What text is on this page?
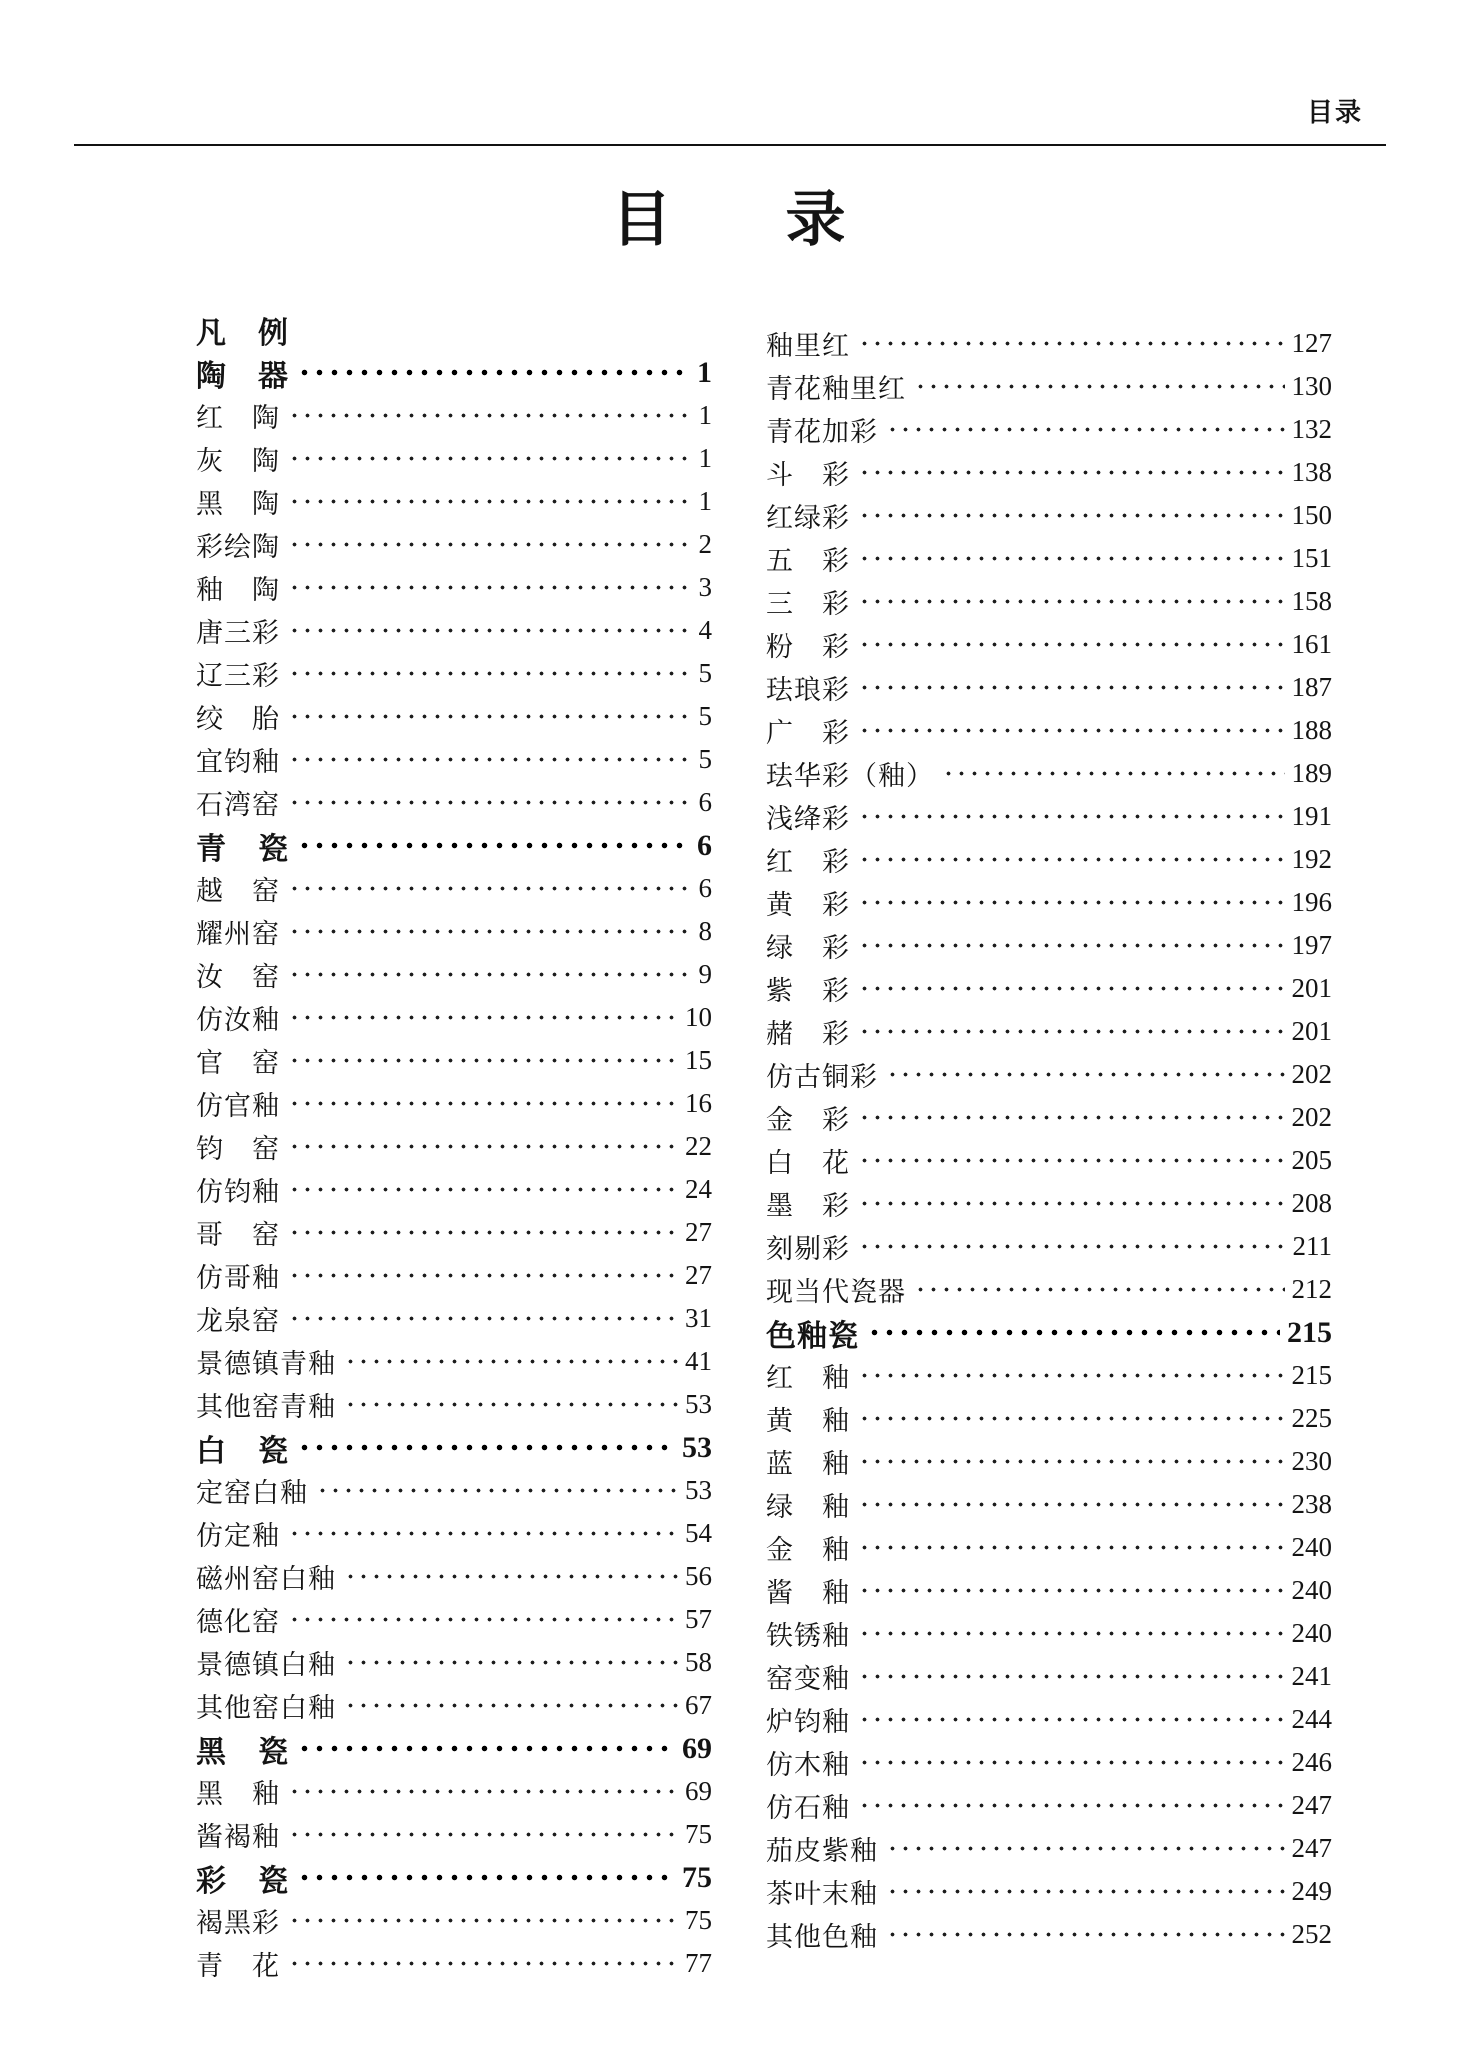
目录
目　录
凡　例
陶　器	1
红　陶	1
灰　陶	1
黑　陶	1
彩绘陶	2
釉　陶	3
唐三彩	4
辽三彩	5
绞　胎	5
宜钧釉	5
石湾窑	6
青　瓷	6
越　窑	6
耀州窑	8
汝　窑	9
仿汝釉	10
官　窑	15
仿官釉	16
钧　窑	22
仿钧釉	24
哥　窑	27
仿哥釉	27
龙泉窑	31
景德镇青釉	41
其他窑青釉	53
白　瓷	53
定窑白釉	53
仿定釉	54
磁州窑白釉	56
德化窑	57
景德镇白釉	58
其他窑白釉	67
黑　瓷	69
黑　釉	69
酱褐釉	75
彩　瓷	75
褐黑彩	75
青　花	77
釉里红	127
青花釉里红	130
青花加彩	132
斗　彩	138
红绿彩	150
五　彩	151
三　彩	158
粉　彩	161
珐琅彩	187
广　彩	188
珐华彩（釉）	189
浅绛彩	191
红　彩	192
黄　彩	196
绿　彩	197
紫　彩	201
赭　彩	201
仿古铜彩	202
金　彩	202
白　花	205
墨　彩	208
刻剔彩	211
现当代瓷器	212
色釉瓷	215
红　釉	215
黄　釉	225
蓝　釉	230
绿　釉	238
金　釉	240
酱　釉	240
铁锈釉	240
窑变釉	241
炉钧釉	244
仿木釉	246
仿石釉	247
茄皮紫釉	247
茶叶末釉	249
其他色釉	252
